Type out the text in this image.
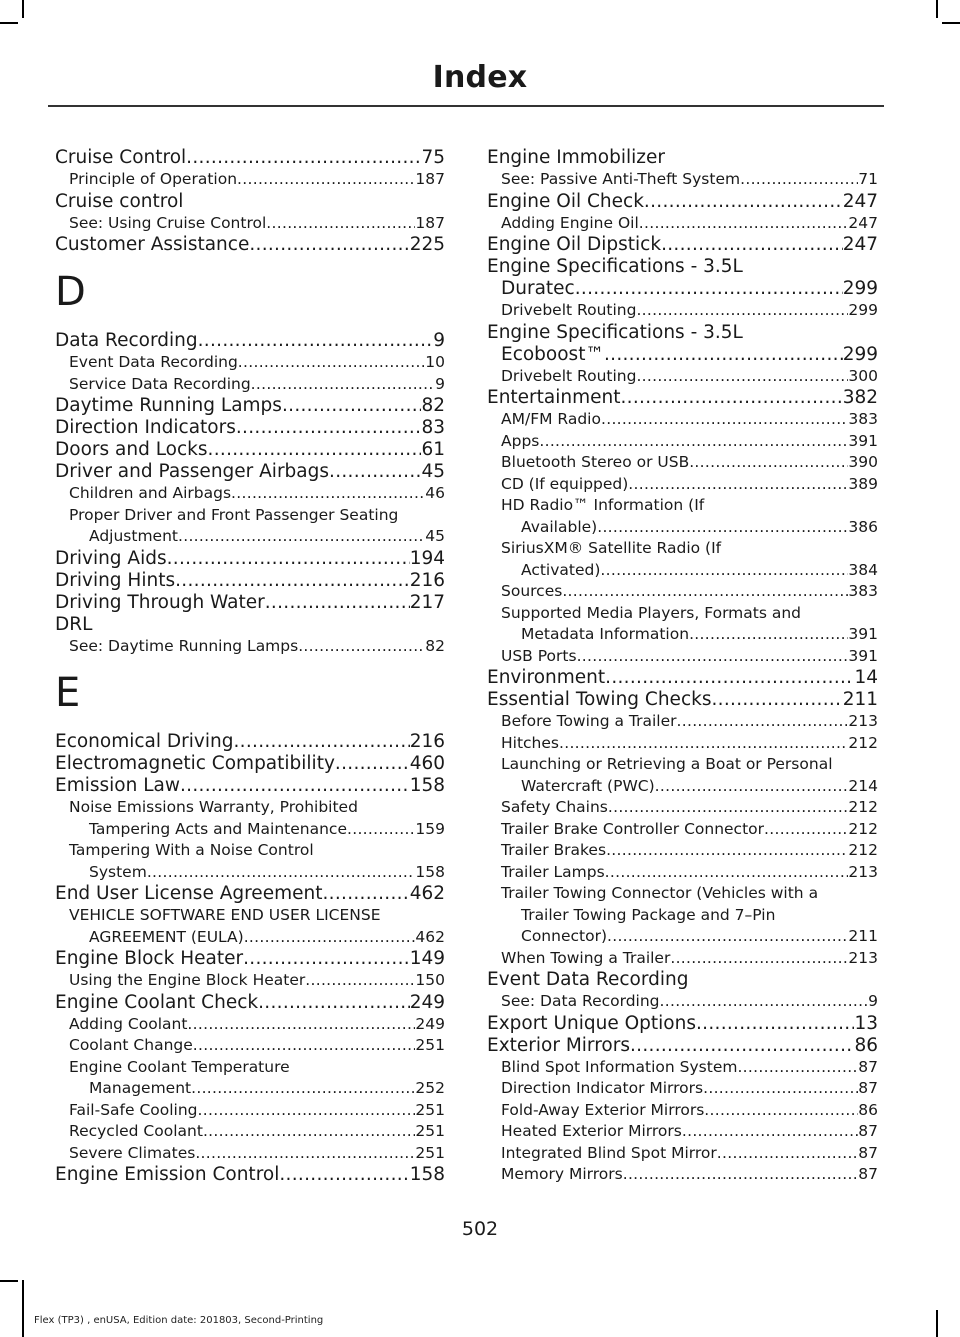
Index
Cruise Control .....	75
Principle of Operation .....	187
Cruise control
See: Using Cruise Control .....	187
Customer Assistance .....	225
D
Data Recording .....	9
Event Data Recording .....	10
Service Data Recording .....	9
Daytime Running Lamps .....	82
Direction Indicators .....	83
Doors and Locks .....	61
Driver and Passenger Airbags .....	45
Children and Airbags .....	46
Proper Driver and Front Passenger Seating
Adjustment .....	45
Driving Aids .....	194
Driving Hints .....	216
Driving Through Water .....	217
DRL
See: Daytime Running Lamps .....	82
E
Economical Driving .....	216
Electromagnetic Compatibility .....	460
Emission Law .....	158
Noise Emissions Warranty, Prohibited
Tampering Acts and Maintenance .....	159
Tampering With a Noise Control
System .....	158
End User License Agreement .....	462
VEHICLE SOFTWARE END USER LICENSE
AGREEMENT (EULA) .....	462
Engine Block Heater .....	149
Using the Engine Block Heater .....	150
Engine Coolant Check .....	249
Adding Coolant .....	249
Coolant Change .....	251
Engine Coolant Temperature
Management .....	252
Fail-Safe Cooling .....	251
Recycled Coolant .....	251
Severe Climates .....	251
Engine Emission Control .....	158
Engine Immobilizer
See: Passive Anti-Theft System .....	71
Engine Oil Check .....	247
Adding Engine Oil .....	247
Engine Oil Dipstick .....	247
Engine Specifications - 3.5L
Duratec .....	299
Drivebelt Routing .....	299
Engine Specifications - 3.5L
Ecoboost™ .....	299
Drivebelt Routing .....	300
Entertainment .....	382
AM/FM Radio .....	383
Apps .....	391
Bluetooth Stereo or USB .....	390
CD (If equipped) .....	389
HD Radio™ Information (If
Available) .....	386
SiriusXM® Satellite Radio (If
Activated) .....	384
Sources .....	383
Supported Media Players, Formats and
Metadata Information .....	391
USB Ports .....	391
Environment .....	14
Essential Towing Checks .....	211
Before Towing a Trailer .....	213
Hitches .....	212
Launching or Retrieving a Boat or Personal
Watercraft (PWC) .....	214
Safety Chains .....	212
Trailer Brake Controller Connector .....	212
Trailer Brakes .....	212
Trailer Lamps .....	213
Trailer Towing Connector (Vehicles with a
Trailer Towing Package and 7–Pin
Connector) .....	211
When Towing a Trailer .....	213
Event Data Recording
See: Data Recording .....	9
Export Unique Options .....	13
Exterior Mirrors .....	86
Blind Spot Information System .....	87
Direction Indicator Mirrors .....	87
Fold-Away Exterior Mirrors .....	86
Heated Exterior Mirrors .....	87
Integrated Blind Spot Mirror .....	87
Memory Mirrors .....	87
502
Flex (TP3) , enUSA, Edition date: 201803, Second-Printing
